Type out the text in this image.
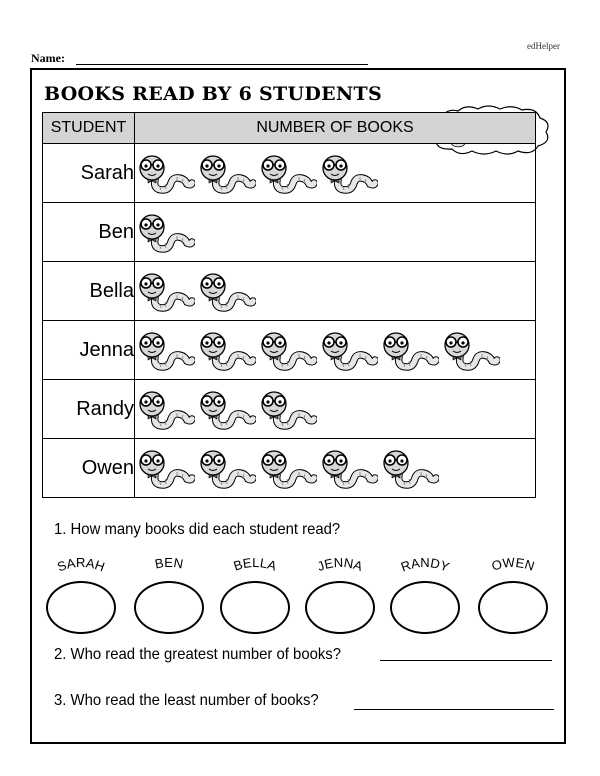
edHelper
Name:
BOOKS READ BY 6 STUDENTS
STUDENT	NUMBER OF BOOKS
Sarah	
Ben	
Bella	
Jenna	
Randy	
Owen	
1. How many books did each student read?
SARAH	BEN	BELLA	JENNA	RANDY	OWEN
2. Who read the greatest number of books?
3. Who read the least number of books?
